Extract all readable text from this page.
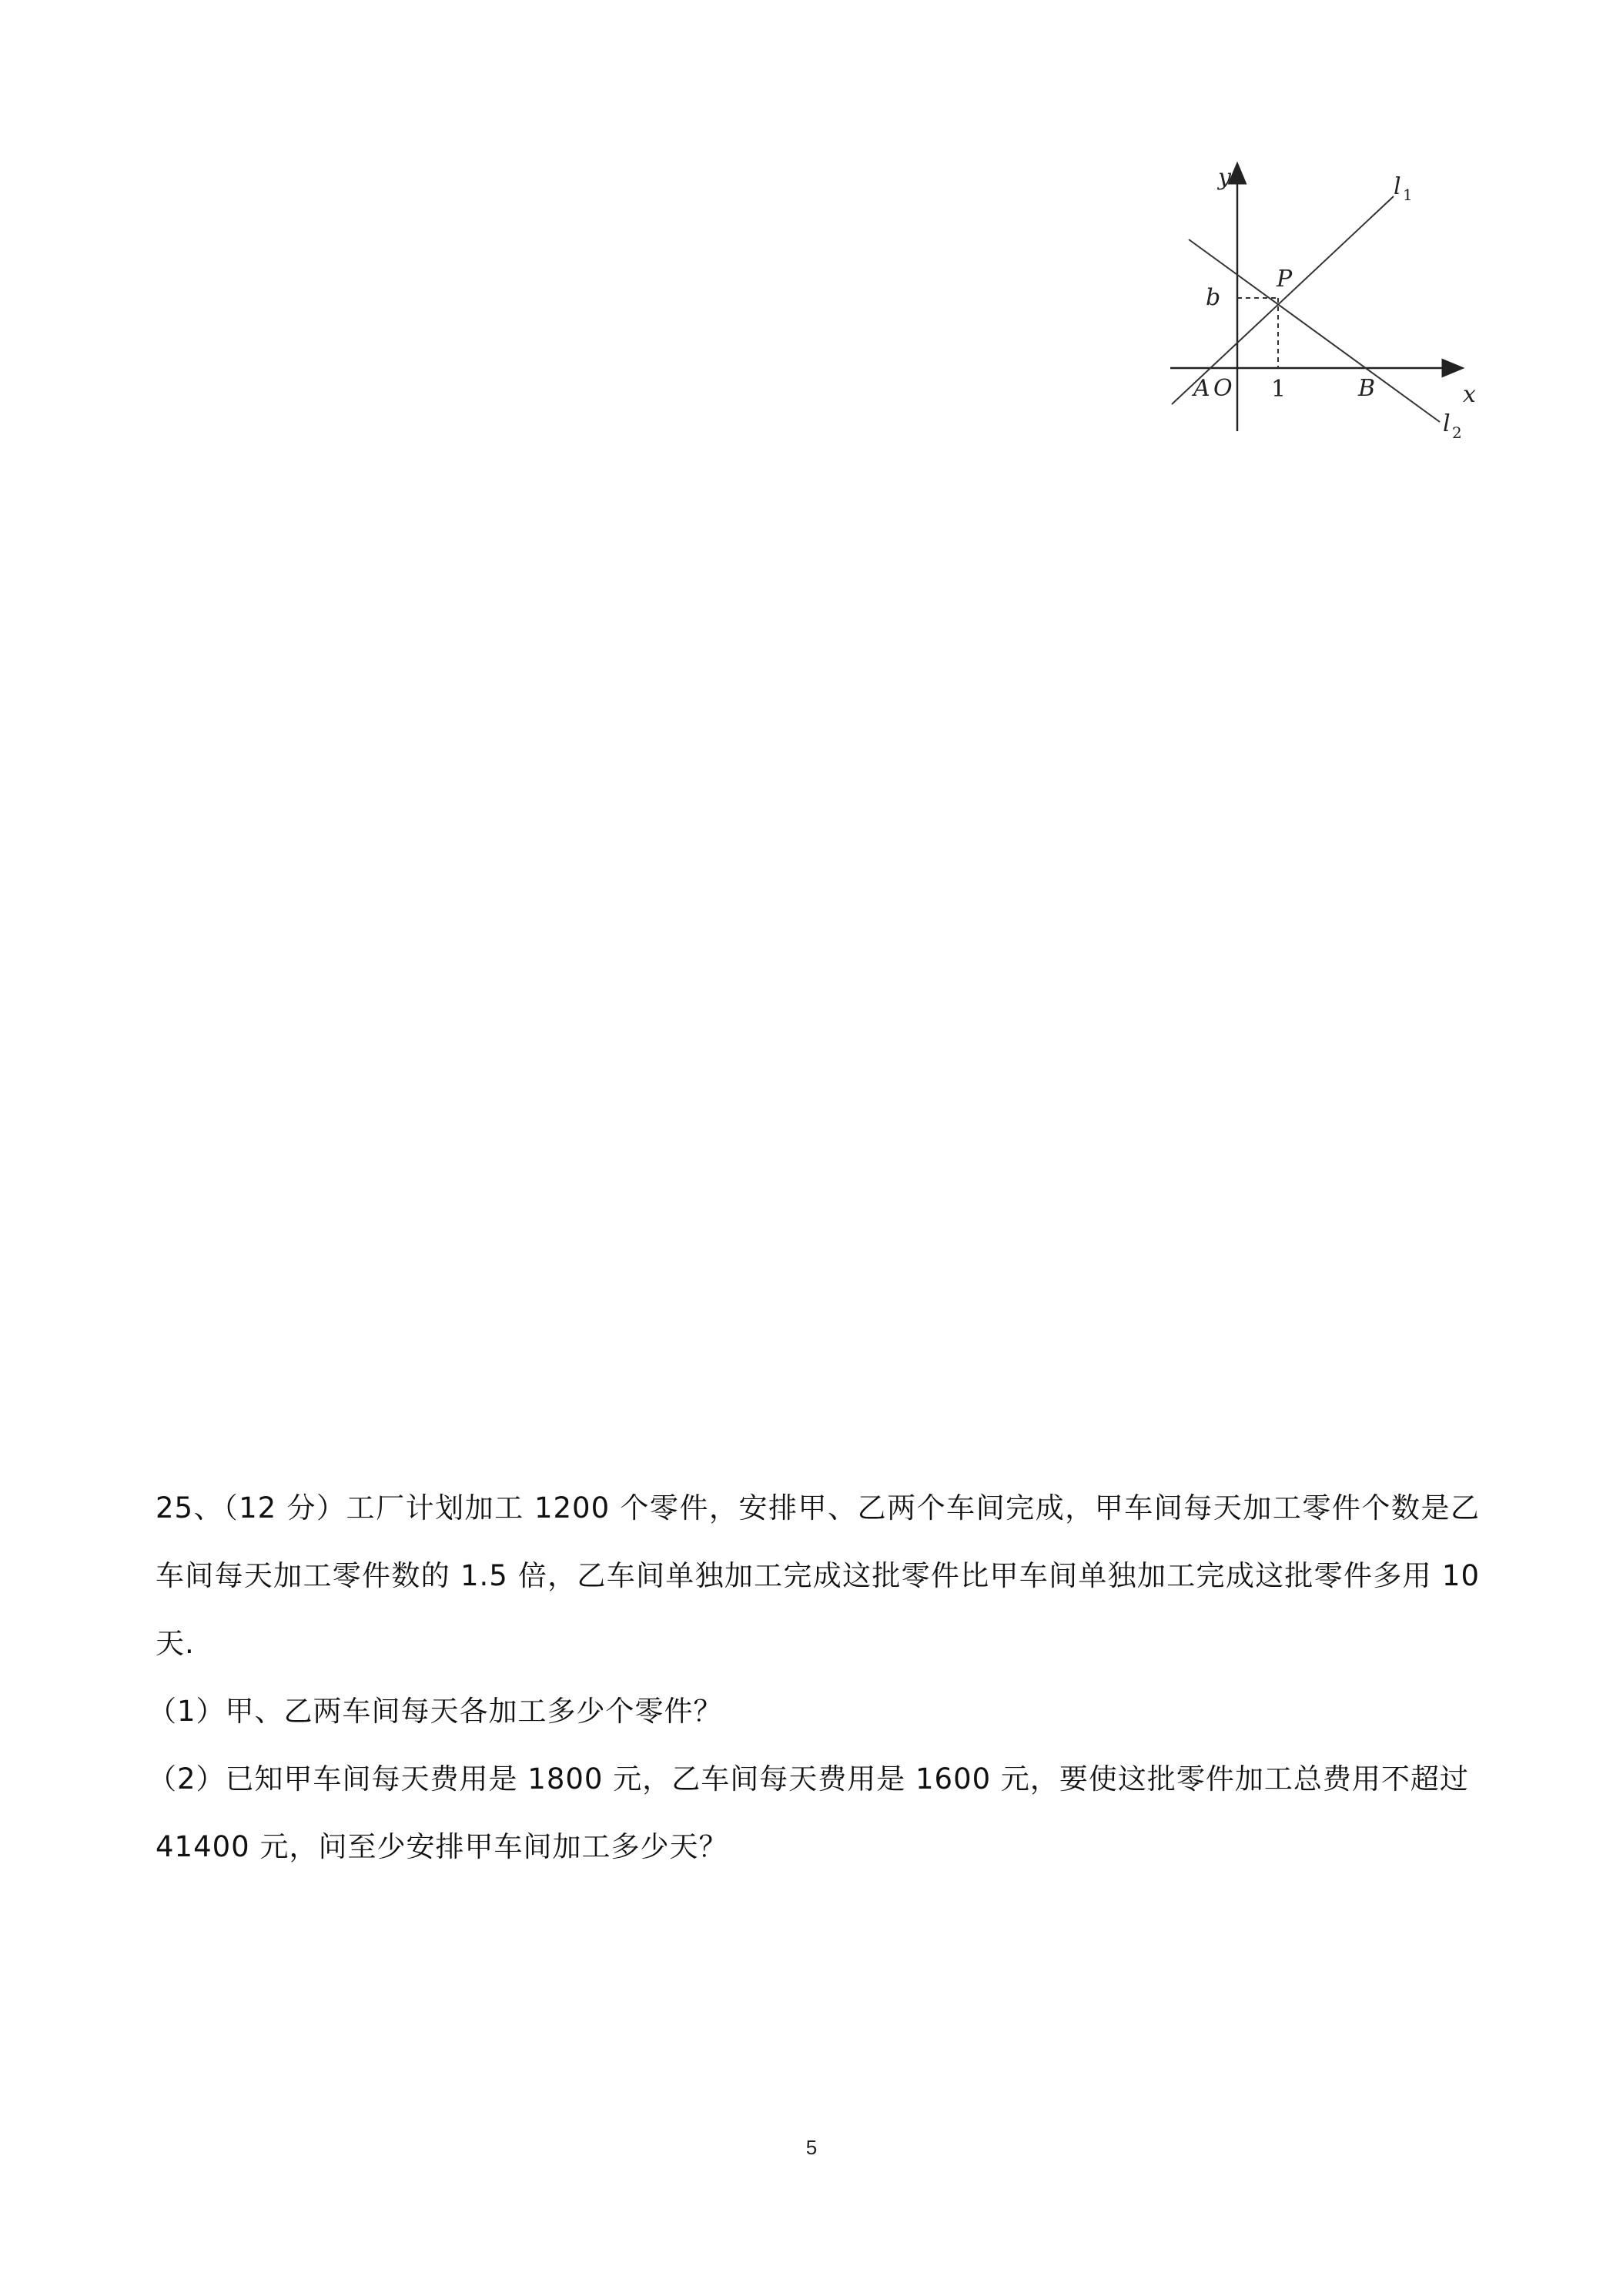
y
x
l 1
l 2
P
b
A O 1	B

25、（12 分）工厂计划加工 1200 个零件，安排甲、乙两个车间完成，甲车间每天加工零件个数是乙车间每天加工零件数的 1.5 倍，乙车间单独加工完成这批零件比甲车间单独加工完成这批零件多用 10 天.

（1）甲、乙两车间每天各加工多少个零件？

（2）已知甲车间每天费用是 1800 元，乙车间每天费用是 1600 元，要使这批零件加工总费用不超过 41400 元，问至少安排甲车间加工多少天？

5
